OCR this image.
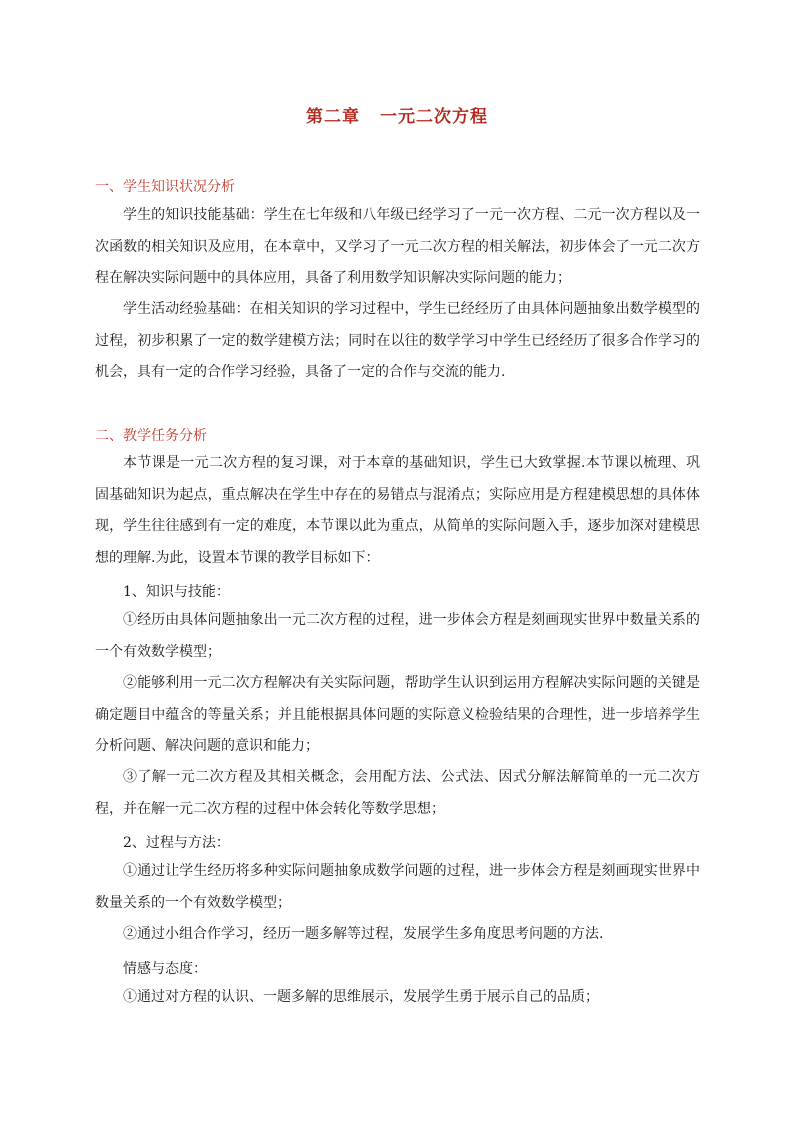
第二章 一元二次方程
一、学生知识状况分析

学生的知识技能基础：学生在七年级和八年级已经学习了一元一次方程、二元一次方程以及一次函数的相关知识及应用，在本章中，又学习了一元二次方程的相关解法，初步体会了一元二次方程在解决实际问题中的具体应用，具备了利用数学知识解决实际问题的能力；

学生活动经验基础：在相关知识的学习过程中，学生已经经历了由具体问题抽象出数学模型的过程，初步积累了一定的数学建模方法；同时在以往的数学学习中学生已经经历了很多合作学习的机会，具有一定的合作学习经验，具备了一定的合作与交流的能力.

二、教学任务分析

本节课是一元二次方程的复习课，对于本章的基础知识，学生已大致掌握.本节课以梳理、巩固基础知识为起点，重点解决在学生中存在的易错点与混淆点；实际应用是方程建模思想的具体体现，学生往往感到有一定的难度，本节课以此为重点，从简单的实际问题入手，逐步加深对建模思想的理解.为此，设置本节课的教学目标如下：

1、知识与技能：

①经历由具体问题抽象出一元二次方程的过程，进一步体会方程是刻画现实世界中数量关系的一个有效数学模型；

②能够利用一元二次方程解决有关实际问题，帮助学生认识到运用方程解决实际问题的关键是确定题目中蕴含的等量关系；并且能根据具体问题的实际意义检验结果的合理性，进一步培养学生分析问题、解决问题的意识和能力；

③了解一元二次方程及其相关概念，会用配方法、公式法、因式分解法解简单的一元二次方程，并在解一元二次方程的过程中体会转化等数学思想；

2、过程与方法：

①通过让学生经历将多种实际问题抽象成数学问题的过程，进一步体会方程是刻画现实世界中数量关系的一个有效数学模型；

②通过小组合作学习，经历一题多解等过程，发展学生多角度思考问题的方法.

情感与态度：

①通过对方程的认识、一题多解的思维展示，发展学生勇于展示自己的品质；
